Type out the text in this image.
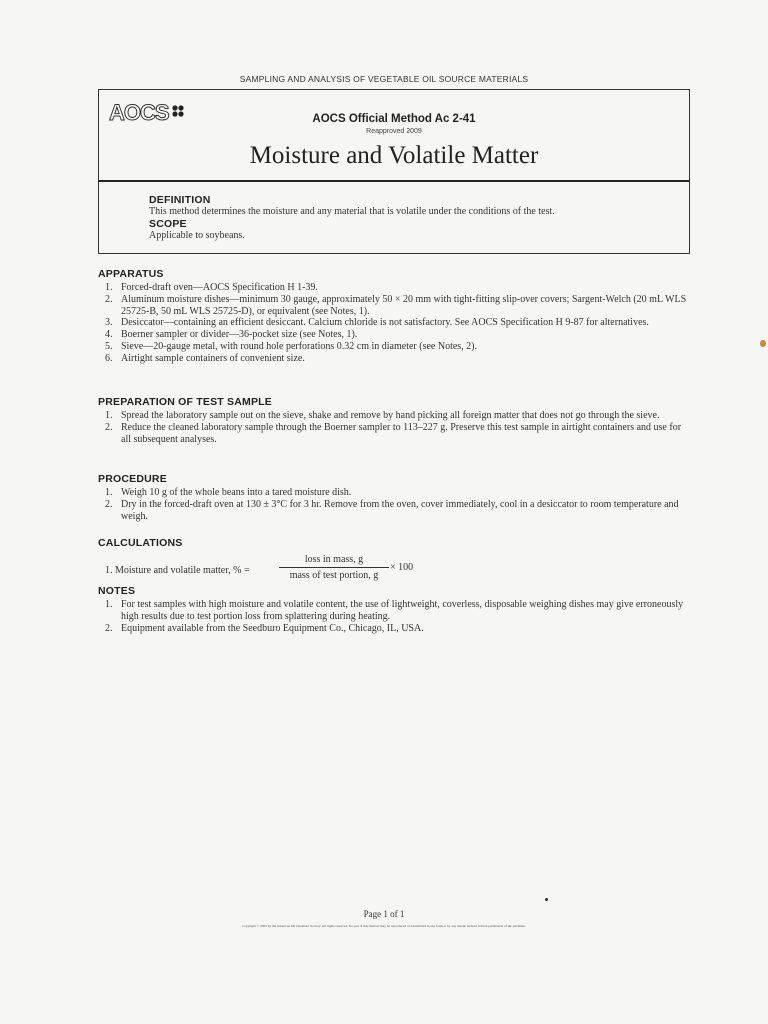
SAMPLING AND ANALYSIS OF VEGETABLE OIL SOURCE MATERIALS
AOCS	AOCS Official Method Ac 2-41
Reapproved 2009
Moisture and Volatile Matter
DEFINITION
This method determines the moisture and any material that is volatile under the conditions of the test.
SCOPE
Applicable to soybeans.
APPARATUS
1. Forced-draft oven—AOCS Specification H 1-39.
2. Aluminum moisture dishes—minimum 30 gauge, approximately 50 × 20 mm with tight-fitting slip-over covers; Sargent-Welch (20 mL WLS 25725-B, 50 mL WLS 25725-D), or equivalent (see Notes, 1).
3. Desiccator—containing an efficient desiccant. Calcium chloride is not satisfactory. See AOCS Specification H 9-87 for alternatives.
4. Boerner sampler or divider—36-pocket size (see Notes, 1).
5. Sieve—20-gauge metal, with round hole perforations 0.32 cm in diameter (see Notes, 2).
6. Airtight sample containers of convenient size.
PREPARATION OF TEST SAMPLE
1. Spread the laboratory sample out on the sieve, shake and remove by hand picking all foreign matter that does not go through the sieve.
2. Reduce the cleaned laboratory sample through the Boerner sampler to 113–227 g. Preserve this test sample in airtight containers and use for all subsequent analyses.
PROCEDURE
1. Weigh 10 g of the whole beans into a tared moisture dish.
2. Dry in the forced-draft oven at 130 ± 3°C for 3 hr. Remove from the oven, cover immediately, cool in a desiccator to room temperature and weigh.
CALCULATIONS
1. Moisture and volatile matter, % =
loss in mass, g
mass of test portion, g
× 100
NOTES
1. For test samples with high moisture and volatile content, the use of lightweight, coverless, disposable weighing dishes may give erroneously high results due to test portion loss from splattering during heating.
2. Equipment available from the Seedburo Equipment Co., Chicago, IL, USA.
Page 1 of 1
Copyright © 2009 by the American Oil Chemists' Society. All rights reserved. No part of this method may be reproduced or transmitted in any form or by any means without written permission of the publisher.
